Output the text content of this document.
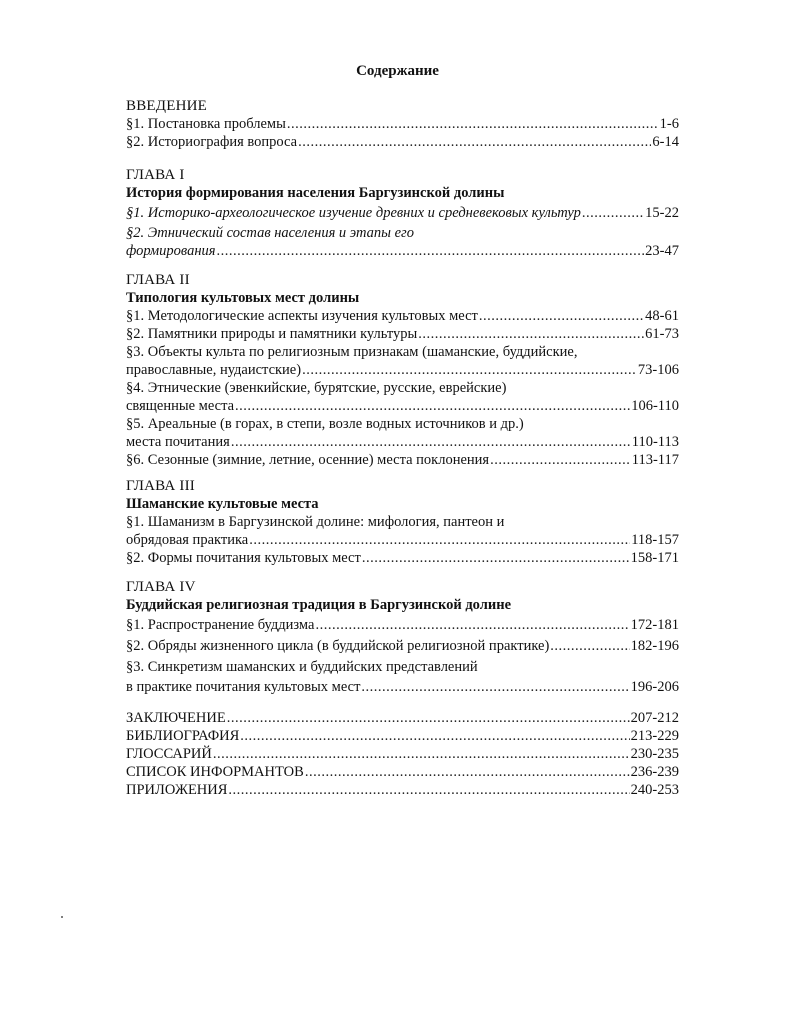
Содержание
ВВЕДЕНИЕ
§1. Постановка проблемы .....	1-6
§2. Историография вопроса .....	6-14
ГЛАВА I
История формирования населения Баргузинской долины
§1. Историко-археологическое изучение древних и средневековых культур .....	15-22
§2. Этнический состав населения и этапы его
формирования .....	23-47
ГЛАВА II
Типология культовых мест долины
§1. Методологические аспекты изучения культовых мест .....	48-61
§2. Памятники природы и памятники культуры .....	61-73
§3. Объекты культа по религиозным признакам (шаманские, буддийские,
православные, нудаистские) .....	73-106
§4. Этнические (эвенкийские, бурятские, русские, еврейские)
священные места .....	106-110
§5. Ареальные (в горах, в степи, возле водных источников и др.)
места почитания .....	110-113
§6. Сезонные (зимние, летние, осенние) места поклонения .....	113-117
ГЛАВА III
Шаманские культовые места
§1. Шаманизм в Баргузинской долине: мифология, пантеон и
обрядовая практика .....	118-157
§2. Формы почитания культовых мест .....	158-171
ГЛАВА IV
Буддийская религиозная традиция в Баргузинской долине
§1. Распространение буддизма .....	172-181
§2. Обряды жизненного цикла (в буддийской религиозной практике) .....	182-196
§3. Синкретизм шаманских и буддийских представлений
в практике почитания культовых мест .....	196-206
ЗАКЛЮЧЕНИЕ .....	207-212
БИБЛИОГРАФИЯ .....	213-229
ГЛОССАРИЙ .....	230-235
СПИСОК ИНФОРМАНТОВ .....	236-239
ПРИЛОЖЕНИЯ .....	240-253
